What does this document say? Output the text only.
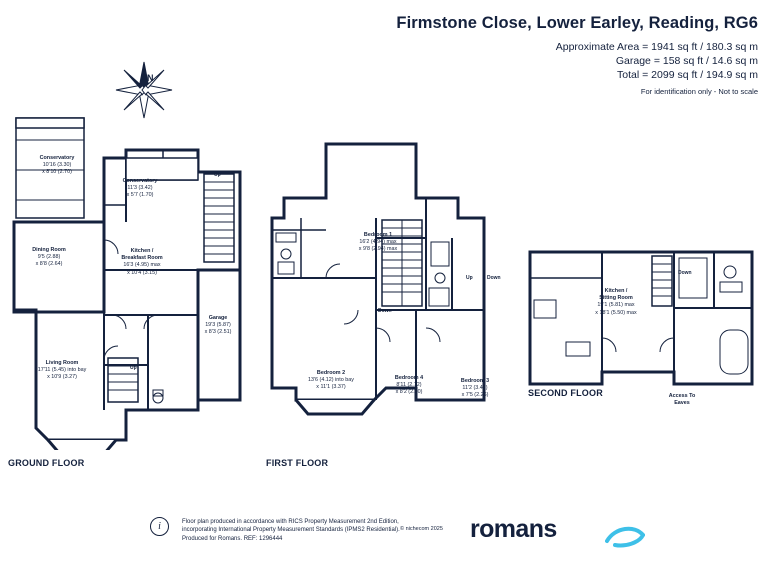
Firmstone Close, Lower Earley, Reading, RG6
Approximate Area = 1941 sq ft / 180.3 sq m
Garage = 158 sq ft / 14.6 sq m
Total = 2099 sq ft / 194.9 sq m
For identification only - Not to scale
N
Conservatory
10'16 (3.30)
x 8'10 (2.70)
Conservatory
11'3 (3.42)
x 5'7 (1.70)
Dining Room
9'5 (2.88)
x 8'8 (2.64)
Kitchen /
Breakfast Room
16'3 (4.95) max
x 10'4 (3.15)
Living Room
17'11 (5.45) into bay
x 10'9 (3.27)
Garage
19'3 (5.87)
x 8'3 (2.51)
Up
Up
GROUND FLOOR
Bedroom 1
16'2 (4.94) max
x 9'8 (2.94) max
Bedroom 2
13'6 (4.12) into bay
x 11'1 (3.37)
Bedroom 4
8'11 (2.72)
x 8'2 (2.50)
Bedroom 3
11'2 (3.40)
x 7'5 (2.26)
Up	Down
Down
FIRST FLOOR
Kitchen /
Sitting Room
19'1 (5.81) max
x 18'1 (5.50) max
Access To
Eaves
Down
SECOND FLOOR
i	Floor plan produced in accordance with RICS Property Measurement 2nd Edition,
incorporating International Property Measurement Standards (IPMS2 Residential).
Produced for Romans. REF: 1296444
© nichecom 2025 romans
